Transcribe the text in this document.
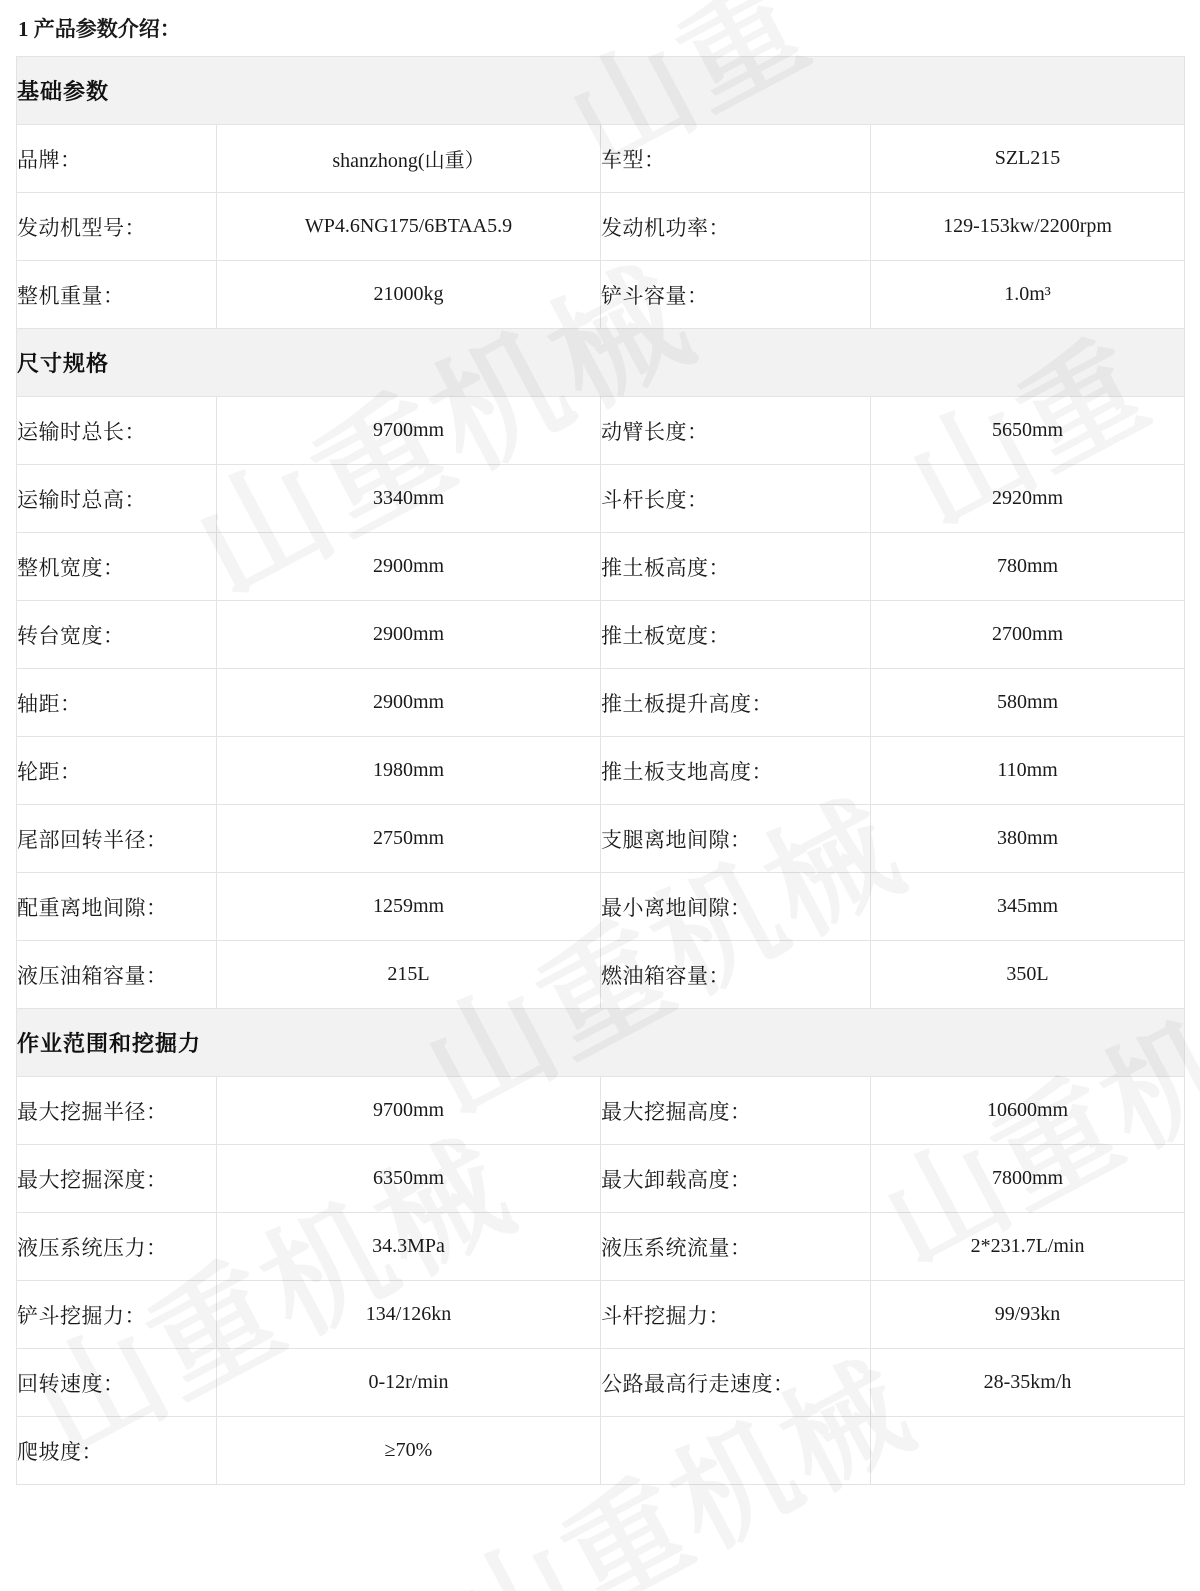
1 产品参数介绍：
基础参数			
品牌：	shanzhong(山重）	车型：	SZL215
发动机型号：	WP4.6NG175/6BTAA5.9	发动机功率：	129-153kw/2200rpm
整机重量：	21000kg	铲斗容量：	1.0m³
尺寸规格			
运输时总长：	9700mm	动臂长度：	5650mm
运输时总高：	3340mm	斗杆长度：	2920mm
整机宽度：	2900mm	推土板高度：	780mm
转台宽度：	2900mm	推土板宽度：	2700mm
轴距：	2900mm	推土板提升高度：	580mm
轮距：	1980mm	推土板支地高度：	110mm
尾部回转半径：	2750mm	支腿离地间隙：	380mm
配重离地间隙：	1259mm	最小离地间隙：	345mm
液压油箱容量：	215L	燃油箱容量：	350L
作业范围和挖掘力			
最大挖掘半径：	9700mm	最大挖掘高度：	10600mm
最大挖掘深度：	6350mm	最大卸载高度：	7800mm
液压系统压力：	34.3MPa	液压系统流量：	2*231.7L/min
铲斗挖掘力：	134/126kn	斗杆挖掘力：	99/93kn
回转速度：	0-12r/min	公路最高行走速度：	28-35km/h
爬坡度：	≥70%		
